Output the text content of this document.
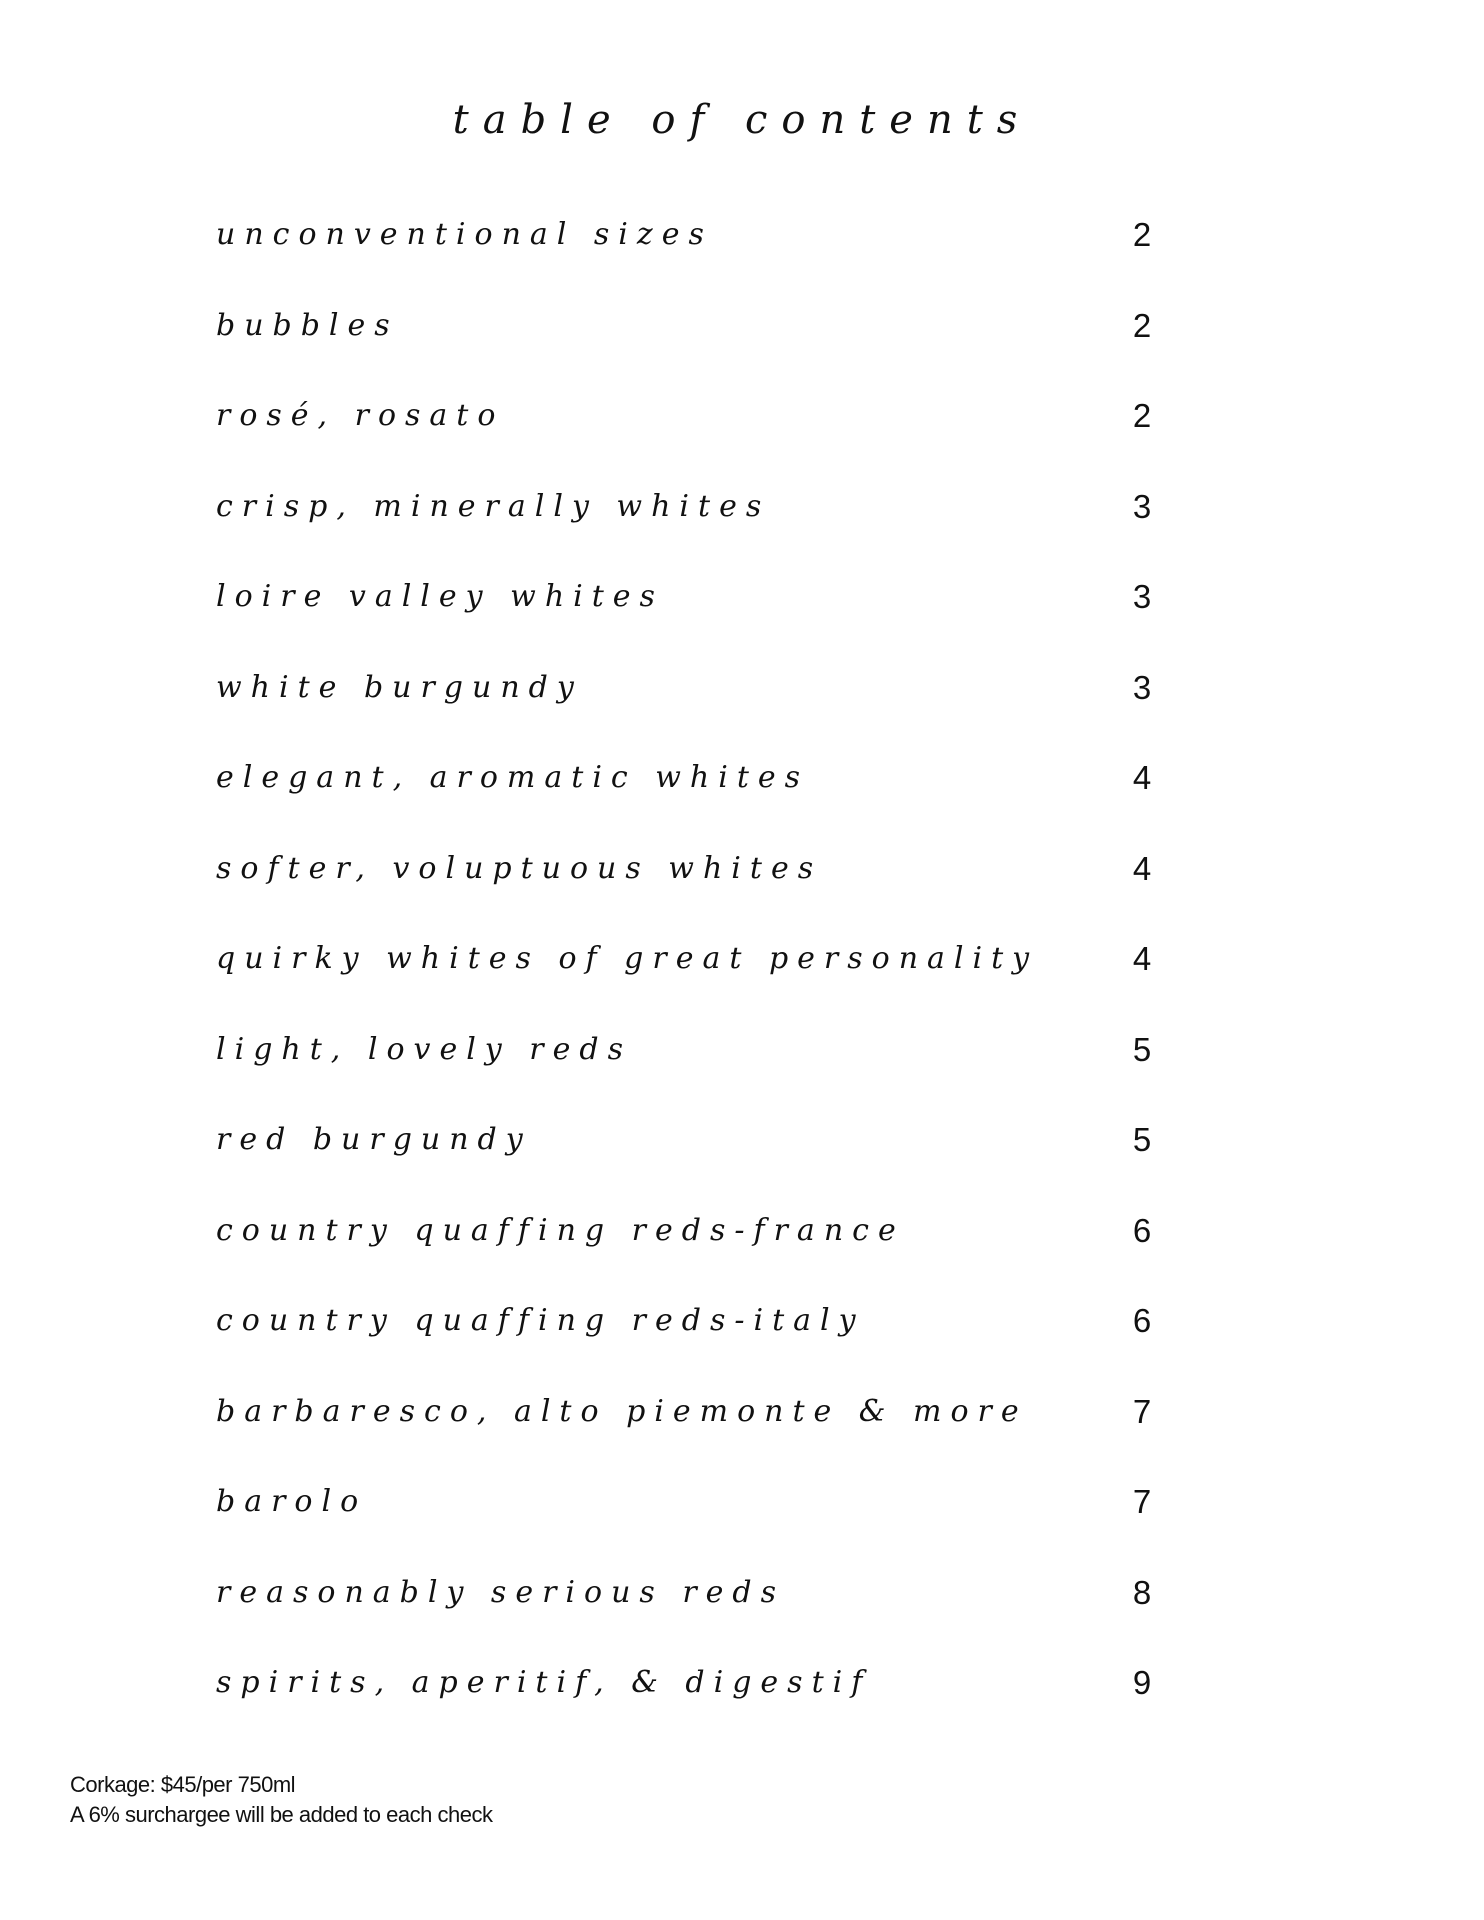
table of contents
unconventional sizes	2
bubbles	2
rosé, rosato	2
crisp, minerally whites	3
loire valley whites	3
white burgundy	3
elegant, aromatic whites	4
softer, voluptuous whites	4
quirky whites of great personality	4
light, lovely reds	5
red burgundy	5
country quaffing reds-france	6
country quaffing reds-italy	6
barbaresco, alto piemonte & more	7
barolo	7
reasonably serious reds	8
spirits, aperitif, & digestif	9
Corkage: $45/per 750ml
A 6% surchargee will be added to each check
